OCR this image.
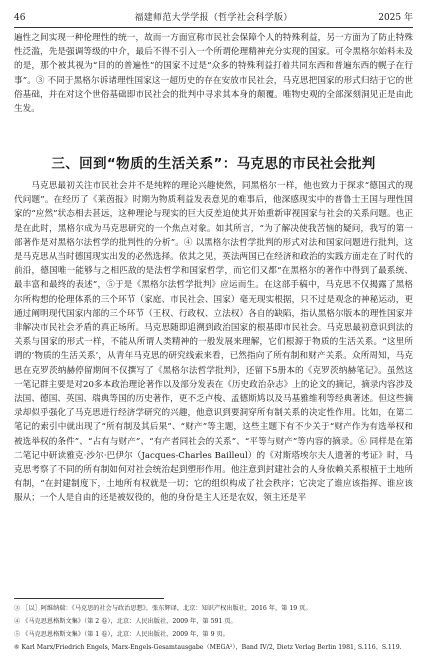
46	福建师范大学学报（哲学社会科学版）	2025 年

遍性之间实现一种伦理性的统一，故而一方面宣称市民社会保障个人的特殊利益，另一方面为了防止特殊性泛滥，先是强调等级的中介，最后不得不引入一个所谓伦理精神充分实现的国家。可令黑格尔始料未及的是，那个被其视为“目的的普遍性”的国家不过是“众多的特殊利益打着共同东西和普遍东西的幌子在行事”。③ 不同于黑格尔诉诸理性国家这一超历史的存在安放市民社会，马克思把国家的形式归结于它的世俗基础，并在对这个世俗基础即市民社会的批判中寻求其本身的颠覆。唯物史观的全部深刻洞见正是由此生发。

三、回到“物质的生活关系”：马克思的市民社会批判

马克思最初关注市民社会并不是纯粹的理论兴趣使然，同黑格尔一样，他也致力于探求“德国式的现代问题”。在经历了《莱茵报》时期为物质利益发表意见的难事后，他深感现实中的普鲁士王国与理性国家的“应然”状态相去甚远，这种理论与现实的巨大反差迫使其开始重新审视国家与社会的关系问题。也正是在此时，黑格尔成为马克思研究的一个焦点对象。如其所言，“为了解决使我苦恼的疑问，我写的第一部著作是对黑格尔法哲学的批判性的分析”。④ 以黑格尔法哲学批判的形式对法和国家问题进行批判，这是马克思从当时德国现实出发的必然选择。依其之见，英法两国已在经济和政治的实践方面走在了时代的前沿，德国唯一能够与之相匹敌的是法哲学和国家哲学，而它们又都“在黑格尔的著作中得到了最系统、最丰富和最终的表述”，⑤于是《黑格尔法哲学批判》应运而生。在这部手稿中，马克思不仅揭露了黑格尔所构想的伦理体系的三个环节（家庭、市民社会、国家）毫无现实根据，只不过是观念的神秘运动，更通过阐明现代国家内部的三个环节（王权、行政权、立法权）各自的缺陷，指认黑格尔版本的理性国家并非解决市民社会矛盾的真正场所。马克思随即追溯到政治国家的根基即市民社会。马克思最初意识到法的关系与国家的形式一样，不能从所谓人类精神的一般发展来理解，它们根源于物质的生活关系。“这里所谓的‘物质的生活关系’，从青年马克思的研究线索来看，已然指向了所有制和财产关系。众所周知，马克思在克罗茨纳赫停留期间不仅撰写了《黑格尔法哲学批判》，还留下5册本的《克罗茨纳赫笔记》。虽然这一笔记群主要是对20多本政治理论著作以及部分发表在《历史政治杂志》上的论文的摘记，摘录内容涉及法国、德国、英国、瑞典等国的历史著作，更不乏卢梭、孟德斯鸠以及马基雅维利等经典著述。但这些摘录却似乎强化了马克思进行经济学研究的兴趣，他意识到要洞穿所有制关系的决定性作用。比如，在第二笔记的索引中就出现了“所有制及其后果”、“财产”等主题，这些主题下有不少关于“财产作为有选举权和被选举权的条件”、“占有与财产”、“有产者同社会的关系”、“平等与财产”等内容的摘录。⑥ 同样是在第二笔记中研读雅克·沙尔·巴伊尔（Jacques-Charles Bailleul）的《对斯塔埃尔夫人遗著的考证》时，马克思考察了不同的所有制如何对社会统治起到塑形作用。他注意到封建社会的人身依赖关系根植于土地所有制，“在封建制度下，土地所有权就是一切；它的组织构成了社会秩序；它决定了谁应该指挥、谁应该服从；一个人是自由的还是被奴役的，他的身份是主人还是农奴，领主还是平

③ ［以］阿维纳瑞：《马克思的社会与政治思想》，张东辉译，北京：知识产权出版社，2016 年，第 19 页。
④ 《马克思恩格斯文集》（第 2 卷），北京：人民出版社，2009 年，第 591 页。
⑤ 《马克思恩格斯文集》（第 1 卷），北京：人民出版社，2009 年，第 9 页。
⑥ Karl Marx/Friedrich Engels, Marx-Engels-Gesamtausgabe（MEGA²），Band IV/2, Dietz Verlag Berlin 1981, S.116、S.119.
